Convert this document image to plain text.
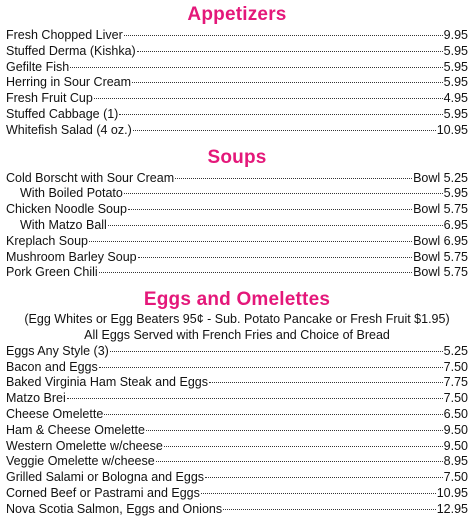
Appetizers
Fresh Chopped Liver	9.95
Stuffed Derma (Kishka)	5.95
Gefilte Fish	5.95
Herring in Sour Cream	5.95
Fresh Fruit Cup	4.95
Stuffed Cabbage (1)	5.95
Whitefish Salad (4 oz.)	10.95
Soups
Cold Borscht with Sour Cream	Bowl 5.25
With Boiled Potato	5.95
Chicken Noodle Soup	Bowl 5.75
With Matzo Ball	6.95
Kreplach Soup	Bowl 6.95
Mushroom Barley Soup	Bowl 5.75
Pork Green Chili	Bowl 5.75
Eggs and Omelettes
(Egg Whites or Egg Beaters 95¢ - Sub. Potato Pancake or Fresh Fruit $1.95)
All Eggs Served with French Fries and Choice of Bread
Eggs Any Style (3)	5.25
Bacon and Eggs	7.50
Baked Virginia Ham Steak and Eggs	7.75
Matzo Brei	7.50
Cheese Omelette	6.50
Ham & Cheese Omelette	9.50
Western Omelette w/cheese	9.50
Veggie Omelette w/cheese	8.95
Grilled Salami or Bologna and Eggs	7.50
Corned Beef or Pastrami and Eggs	10.95
Nova Scotia Salmon, Eggs and Onions	12.95
